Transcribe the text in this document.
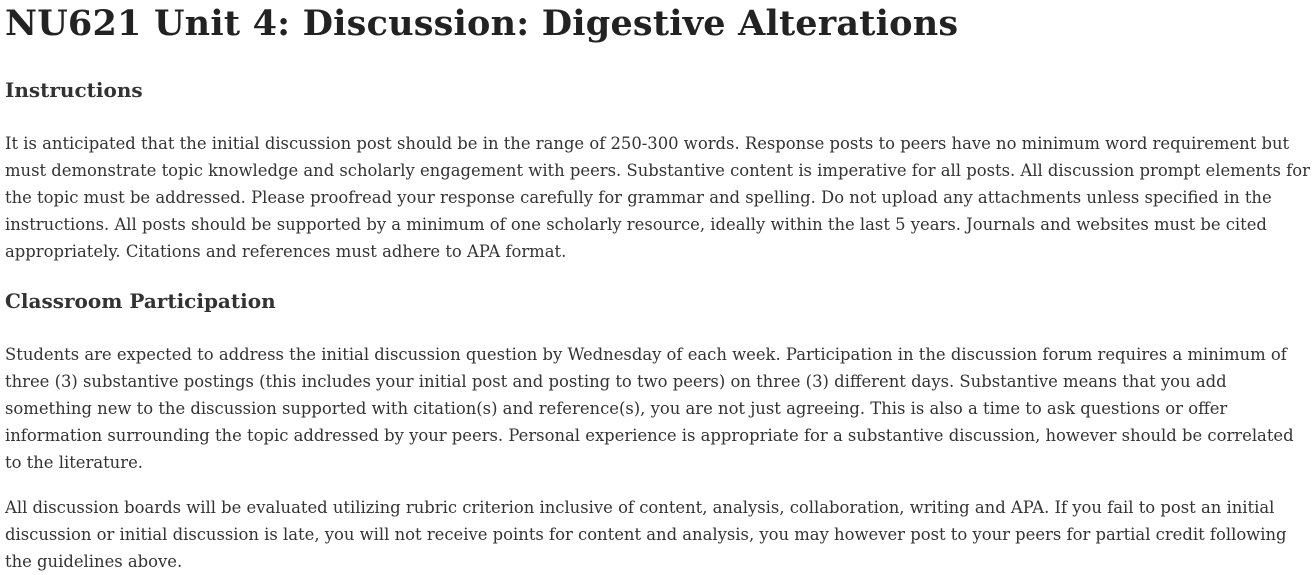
NU621 Unit 4: Discussion: Digestive Alterations
Instructions

It is anticipated that the initial discussion post should be in the range of 250-300 words. Response posts to peers have no minimum word requirement but must demonstrate topic knowledge and scholarly engagement with peers. Substantive content is imperative for all posts. All discussion prompt elements for the topic must be addressed. Please proofread your response carefully for grammar and spelling. Do not upload any attachments unless specified in the instructions. All posts should be supported by a minimum of one scholarly resource, ideally within the last 5 years. Journals and websites must be cited appropriately. Citations and references must adhere to APA format.

Classroom Participation

Students are expected to address the initial discussion question by Wednesday of each week. Participation in the discussion forum requires a minimum of three (3) substantive postings (this includes your initial post and posting to two peers) on three (3) different days. Substantive means that you add something new to the discussion supported with citation(s) and reference(s), you are not just agreeing. This is also a time to ask questions or offer information surrounding the topic addressed by your peers. Personal experience is appropriate for a substantive discussion, however should be correlated to the literature.

All discussion boards will be evaluated utilizing rubric criterion inclusive of content, analysis, collaboration, writing and APA. If you fail to post an initial discussion or initial discussion is late, you will not receive points for content and analysis, you may however post to your peers for partial credit following the guidelines above.
